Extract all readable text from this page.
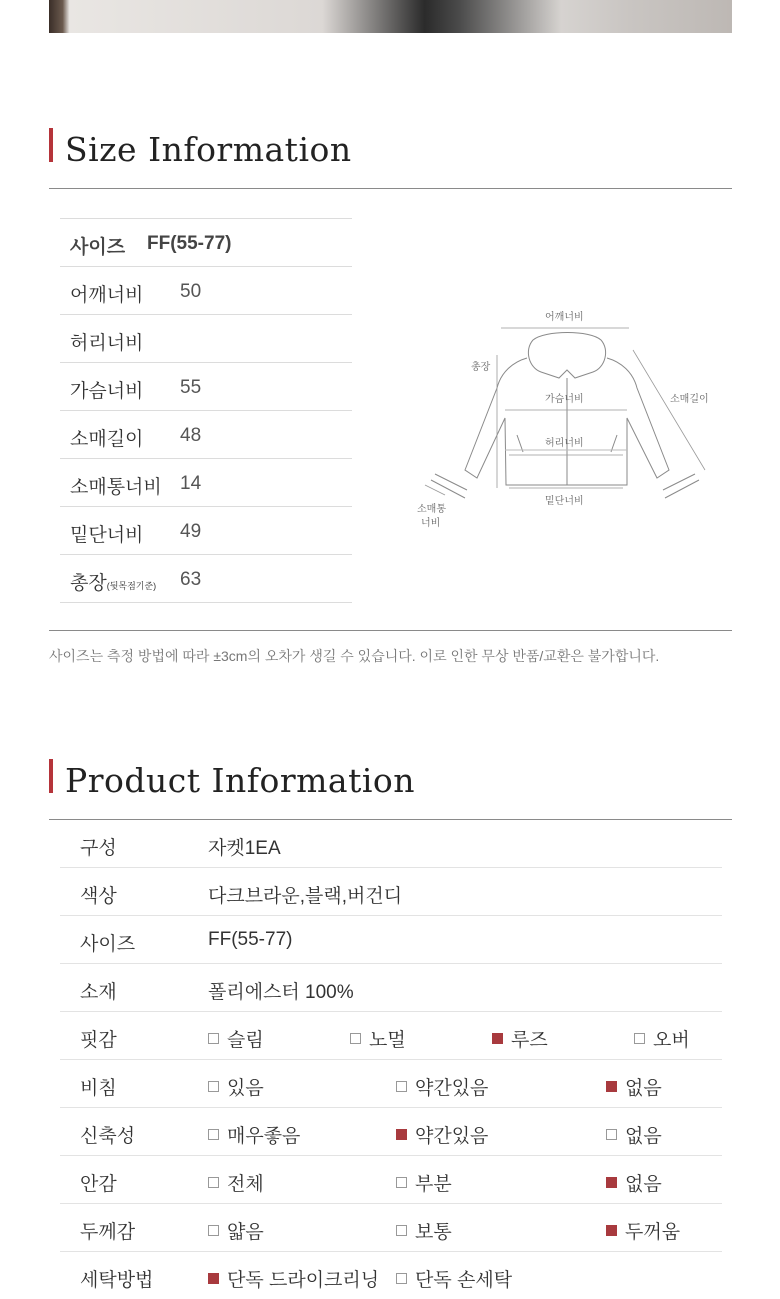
Size Information
사이즈 FF(55-77)
어깨너비 50
허리너비
가슴너비 55
소매길이 48
소매통너비 14
밑단너비 49
총장(뒷목점기준) 63
어깨너비
총장
가슴너비	소매길이
허리너비
밑단너비
소매통
너비
사이즈는 측정 방법에 따라 ±3cm의 오차가 생길 수 있습니다. 이로 인한 무상 반품/교환은 불가합니다.
Product Information
구성	자켓1EA
색상	다크브라운,블랙,버건디
사이즈	FF(55-77)
소재	폴리에스터 100%
핏감	슬림	노멀	루즈	오버
비침	있음	약간있음	없음
신축성	매우좋음	약간있음	없음
안감	전체	부분	없음
두께감	얇음	보통	두꺼움
세탁방법	단독 드라이크리닝	단독 손세탁
